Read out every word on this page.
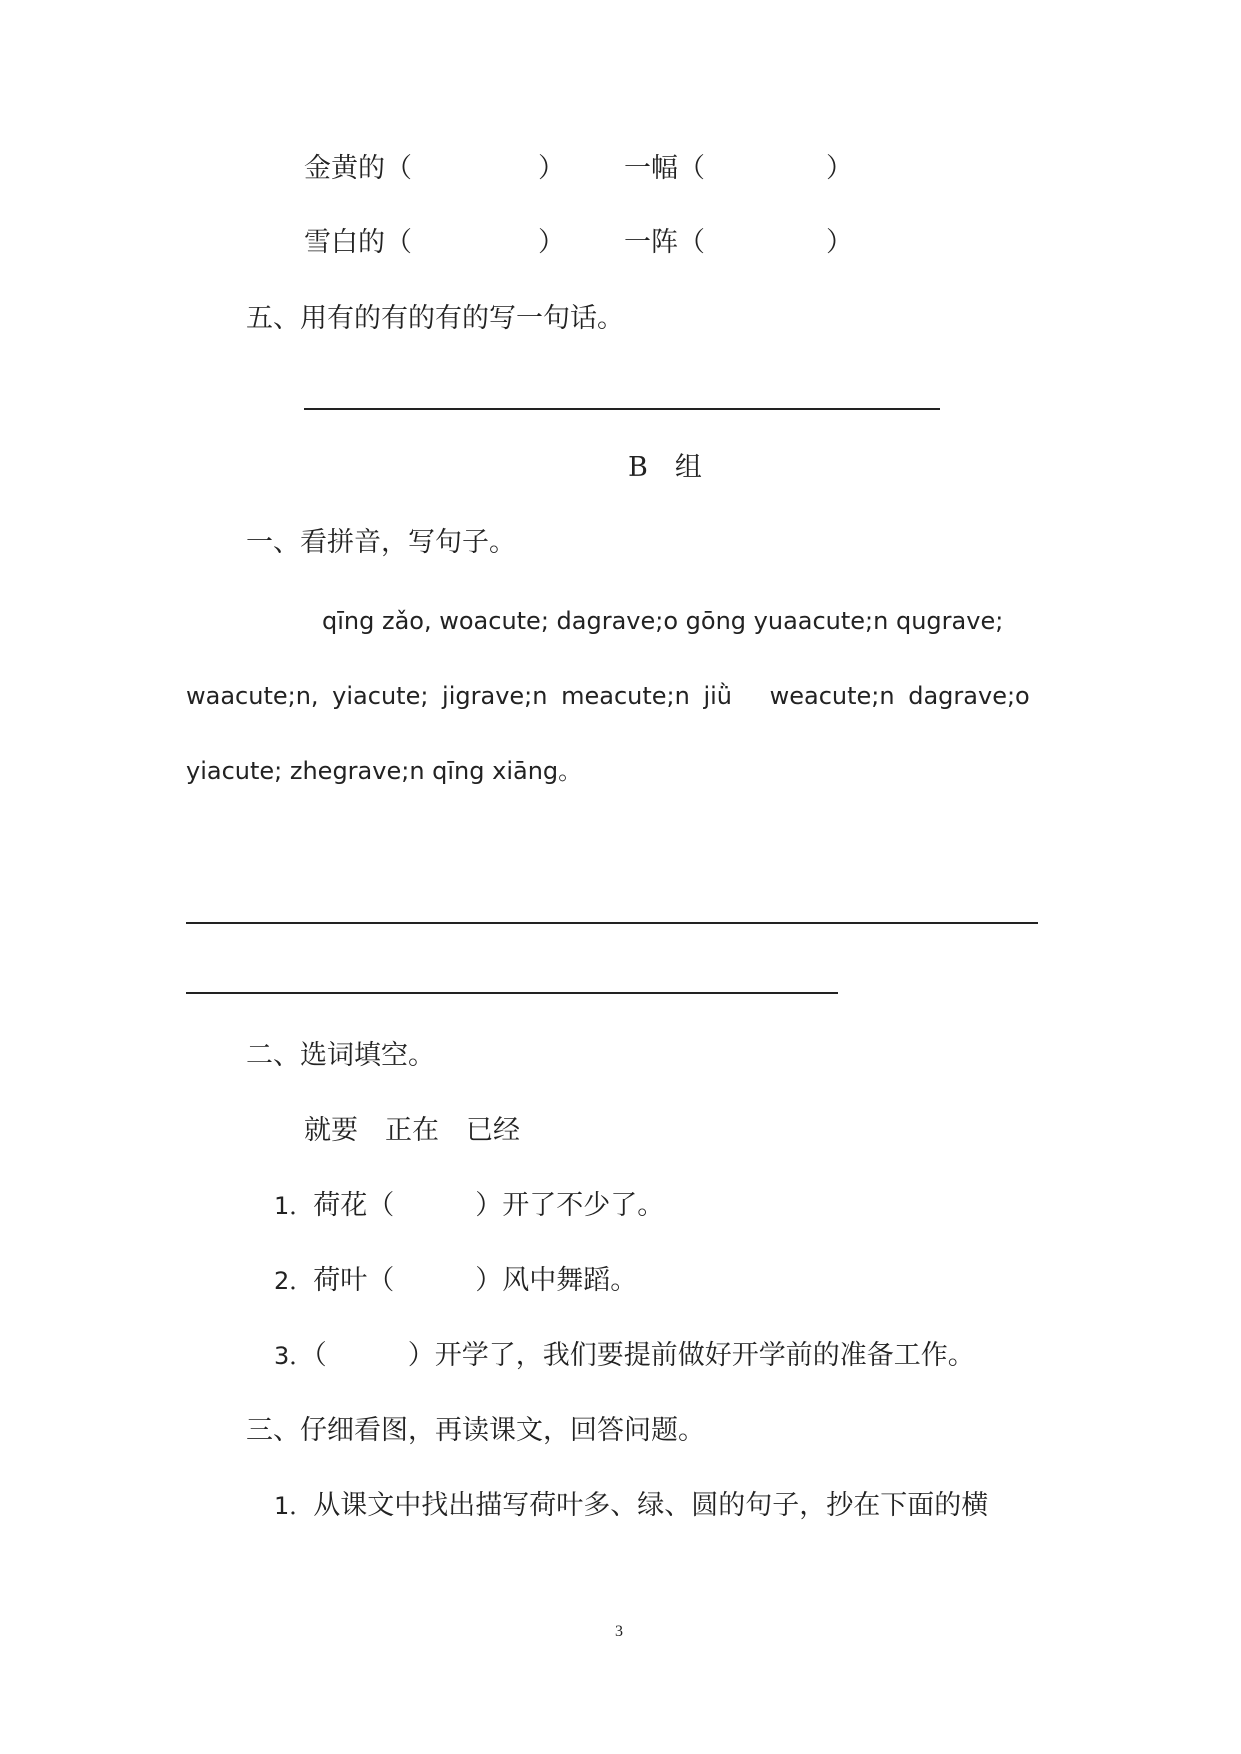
金黄的（	） 一幅（	）
雪白的（	） 一阵（	）
五、用有的有的有的写一句话。
B　组
一、看拼音，写句子。
qīng zǎo, woacute; dagrave;o gōng yuaacute;n qugrave;
waacute;n, yiacute; jigrave;n meacute;n jiǜ　 weacute;n dagrave;o
yiacute; zhegrave;n qīng xiāng。
二、选词填空。
就要　正在　已经
1．荷花（　　　）开了不少了。
2．荷叶（　　　）风中舞蹈。
3．（　　　）开学了，我们要提前做好开学前的准备工作。
三、仔细看图，再读课文，回答问题。
1．从课文中找出描写荷叶多、绿、圆的句子，抄在下面的横
3
